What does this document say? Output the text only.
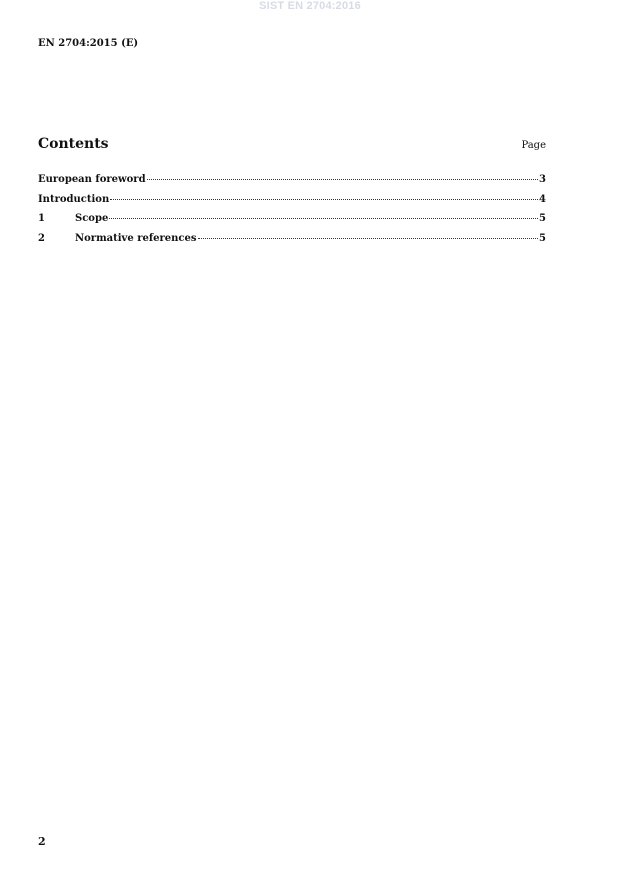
SIST EN 2704:2016
EN 2704:2015 (E)
Contents	Page
European foreword	3
Introduction	4
1	Scope	5
2	Normative references	5
2
